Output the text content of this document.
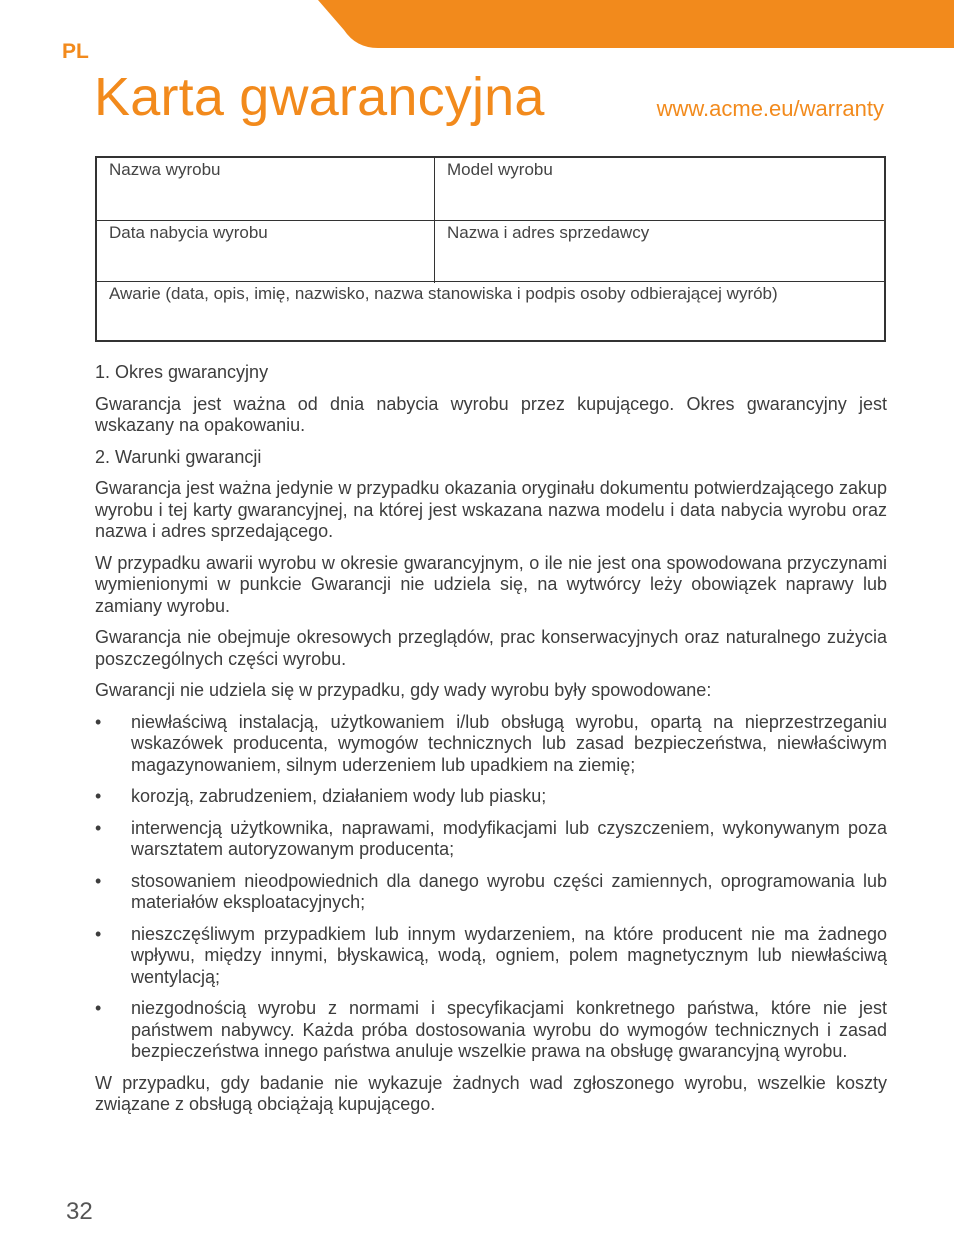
PL
Karta gwarancyjna	www.acme.eu/warranty
Nazwa wyrobu	Model wyrobu
Data nabycia wyrobu	Nazwa i adres sprzedawcy
Awarie (data, opis, imię, nazwisko, nazwa stanowiska i podpis osoby odbierającej wyrób)

1. Okres gwarancyjny

Gwarancja jest ważna od dnia nabycia wyrobu przez kupującego. Okres gwarancyjny jest wskazany na opakowaniu.

2. Warunki gwarancji

Gwarancja jest ważna jedynie w przypadku okazania oryginału dokumentu potwierdzającego zakup wyrobu i tej karty gwarancyjnej, na której jest wskazana nazwa modelu i data nabycia wyrobu oraz nazwa i adres sprzedającego.

W przypadku awarii wyrobu w okresie gwarancyjnym, o ile nie jest ona spowodowana przyczynami wymienionymi w punkcie Gwarancji nie udziela się, na wytwórcy leży obowiązek naprawy lub zamiany wyrobu.

Gwarancja nie obejmuje okresowych przeglądów, prac konserwacyjnych oraz naturalnego zużycia poszczególnych części wyrobu.

Gwarancji nie udziela się w przypadku, gdy wady wyrobu były spowodowane:

• niewłaściwą instalacją, użytkowaniem i/lub obsługą wyrobu, opartą na nieprzestrzeganiu wskazówek producenta, wymogów technicznych lub zasad bezpieczeństwa, niewłaściwym magazynowaniem, silnym uderzeniem lub upadkiem na ziemię;
• korozją, zabrudzeniem, działaniem wody lub piasku;
• interwencją użytkownika, naprawami, modyfikacjami lub czyszczeniem, wykonywanym poza warsztatem autoryzowanym producenta;
• stosowaniem nieodpowiednich dla danego wyrobu części zamiennych, oprogramowania lub materiałów eksploatacyjnych;
• nieszczęśliwym przypadkiem lub innym wydarzeniem, na które producent nie ma żadnego wpływu, między innymi, błyskawicą, wodą, ogniem, polem magnetycznym lub niewłaściwą wentylacją;
• niezgodnością wyrobu z normami i specyfikacjami konkretnego państwa, które nie jest państwem nabywcy. Każda próba dostosowania wyrobu do wymogów technicznych i zasad bezpieczeństwa innego państwa anuluje wszelkie prawa na obsługę gwarancyjną wyrobu.

W przypadku, gdy badanie nie wykazuje żadnych wad zgłoszonego wyrobu, wszelkie koszty związane z obsługą obciążają kupującego.

32
